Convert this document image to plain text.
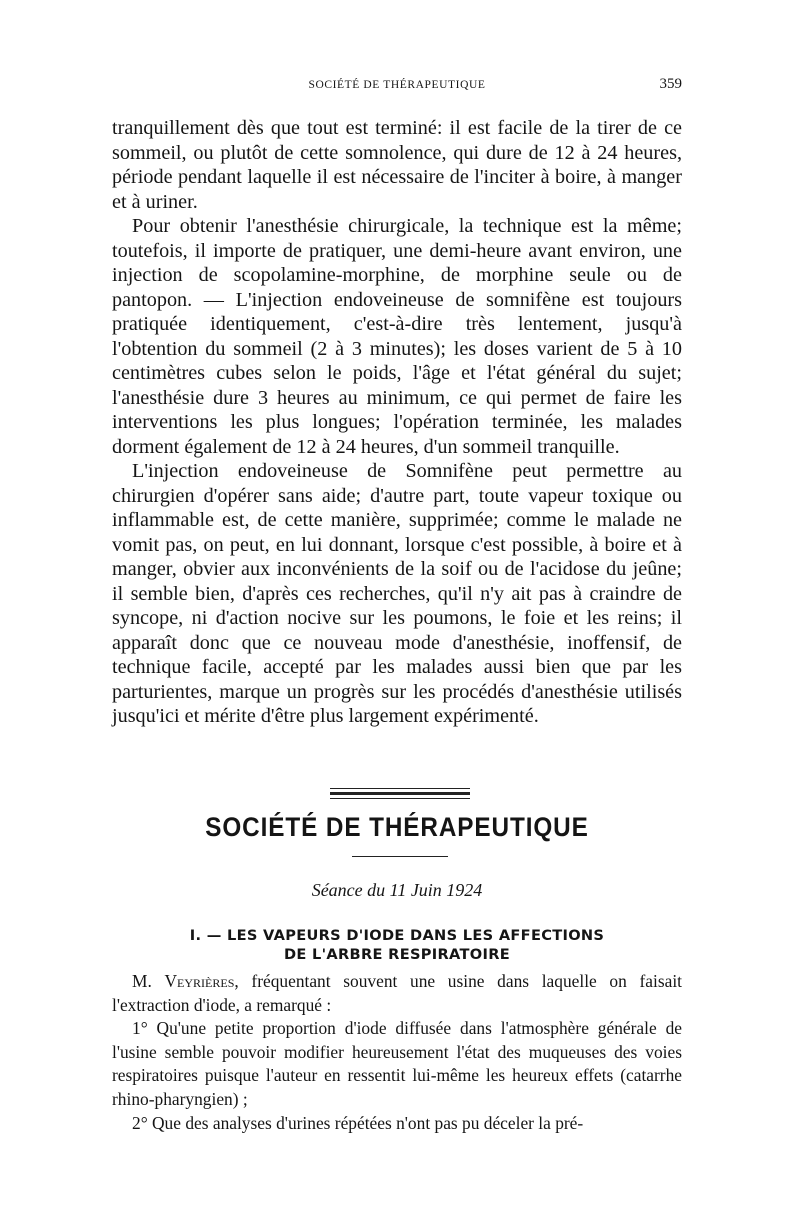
SOCIÉTÉ DE THÉRAPEUTIQUE	359

tranquillement dès que tout est terminé: il est facile de la tirer de ce sommeil, ou plutôt de cette somnolence, qui dure de 12 à 24 heures, période pendant laquelle il est nécessaire de l'inciter à boire, à manger et à uriner.

Pour obtenir l'anesthésie chirurgicale, la technique est la même; toutefois, il importe de pratiquer, une demi-heure avant environ, une injection de scopolamine-morphine, de morphine seule ou de pantopon. — L'injection endoveineuse de somnifène est toujours pratiquée identiquement, c'est-à-dire très lentement, jusqu'à l'obtention du sommeil (2 à 3 minutes); les doses varient de 5 à 10 centimètres cubes selon le poids, l'âge et l'état général du sujet; l'anesthésie dure 3 heures au minimum, ce qui permet de faire les interventions les plus longues; l'opération terminée, les malades dorment également de 12 à 24 heures, d'un sommeil tranquille.

L'injection endoveineuse de Somnifène peut permettre au chirurgien d'opérer sans aide; d'autre part, toute vapeur toxique ou inflammable est, de cette manière, supprimée; comme le malade ne vomit pas, on peut, en lui donnant, lorsque c'est possible, à boire et à manger, obvier aux inconvénients de la soif ou de l'acidose du jeûne; il semble bien, d'après ces recherches, qu'il n'y ait pas à craindre de syncope, ni d'action nocive sur les poumons, le foie et les reins; il apparaît donc que ce nouveau mode d'anesthésie, inoffensif, de technique facile, accepté par les malades aussi bien que par les parturientes, marque un progrès sur les procédés d'anesthésie utilisés jusqu'ici et mérite d'être plus largement expérimenté.

SOCIÉTÉ DE THÉRAPEUTIQUE
Séance du 11 Juin 1924
I. — LES VAPEURS D'IODE DANS LES AFFECTIONS
DE L'ARBRE RESPIRATOIRE

M. Veyrières, fréquentant souvent une usine dans laquelle on faisait l'extraction d'iode, a remarqué :

1° Qu'une petite proportion d'iode diffusée dans l'atmosphère générale de l'usine semble pouvoir modifier heureusement l'état des muqueuses des voies respiratoires puisque l'auteur en ressentit lui-même les heureux effets (catarrhe rhino-pharyngien) ;

2° Que des analyses d'urines répétées n'ont pas pu déceler la pré-
